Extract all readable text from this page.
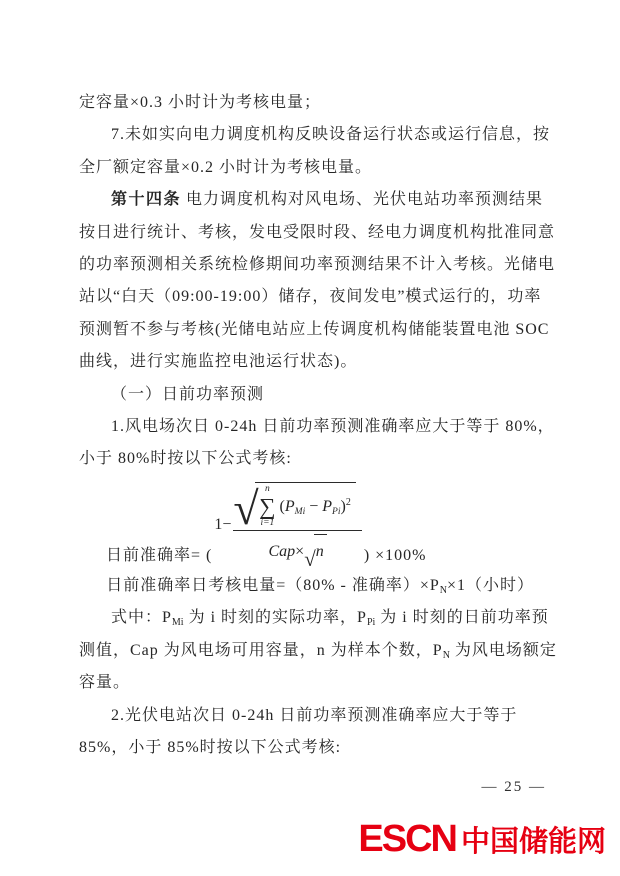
定容量×0.3 小时计为考核电量；
7.未如实向电力调度机构反映设备运行状态或运行信息，按
全厂额定容量×0.2 小时计为考核电量。
第十四条 电力调度机构对风电场、光伏电站功率预测结果
按日进行统计、考核，发电受限时段、经电力调度机构批准同意
的功率预测相关系统检修期间功率预测结果不计入考核。光储电
站以“白天（09:00-19:00）储存，夜间发电”模式运行的，功率
预测暂不参与考核(光储电站应上传调度机构储能装置电池 SOC
曲线，进行实施监控电池运行状态)。
（一）日前功率预测
1.风电场次日 0-24h 日前功率预测准确率应大于等于 80%，
小于 80%时按以下公式考核:
日前准确率= (
1− √ n
∑
i=1
$(P_{Mi} - P_{Pi})^2$
Cap × √ n	) ×100%
日前准确率日考核电量=（80% - 准确率）$\times P_N\times 1$（小时）
式中：$P_{Mi}$ 为 i 时刻的实际功率，$P_{Pi}$ 为 i 时刻的日前功率预
测值，Cap 为风电场可用容量，n 为样本个数，$P_N$ 为风电场额定
容量。
2.光伏电站次日 0-24h 日前功率预测准确率应大于等于
85%，小于 85%时按以下公式考核:
— 25 —
ESCN 中国储能网
